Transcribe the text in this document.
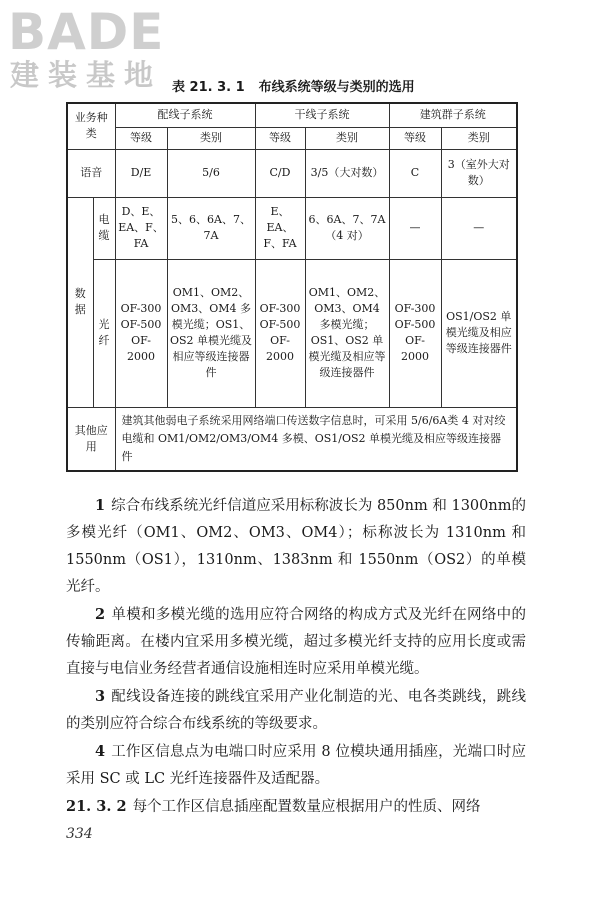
BADE
建装基地 表 21. 3. 1 布线系统等级与类别的选用
业务种类		配线子系统		干线子系统		建筑群子系统	
		等级	类别	等级	类别	等级	类别
语音		D/E	5/6	C/D	3/5（大对数）	C	3（室外大对数）
数据	电缆	D、E、EA、F、FA	5、6、6A、7、7A	E、EA、F、FA	6、6A、7、7A（4 对）	—	—
	光纤	OF-300 OF-500 OF-2000	OM1、OM2、OM3、OM4 多模光缆；OS1、OS2 单模光缆及相应等级连接器件	OF-300 OF-500 OF-2000	OM1、OM2、OM3、OM4 多模光缆；OS1、OS2 单模光缆及相应等级连接器件	OF-300 OF-500 OF-2000	OS1/OS2 单模光缆及相应等级连接器件
其他应用		建筑其他弱电子系统采用网络端口传送数字信息时，可采用 5/6/6A类 4 对对绞电缆和 OM1/OM2/OM3/OM4 多模、OS1/OS2 单模光缆及相应等级连接器件					

1 综合布线系统光纤信道应采用标称波长为 850nm 和 1300nm的多模光纤（OM1、OM2、OM3、OM4）；标称波长为 1310nm 和 1550nm（OS1），1310nm、1383nm 和 1550nm（OS2）的单模光纤。

2 单模和多模光缆的选用应符合网络的构成方式及光纤在网络中的传输距离。在楼内宜采用多模光缆，超过多模光纤支持的应用长度或需直接与电信业务经营者通信设施相连时应采用单模光缆。

3 配线设备连接的跳线宜采用产业化制造的光、电各类跳线，跳线的类别应符合综合布线系统的等级要求。

4 工作区信息点为电端口时应采用 8 位模块通用插座，光端口时应采用 SC 或 LC 光纤连接器件及适配器。

21. 3. 2 每个工作区信息插座配置数量应根据用户的性质、网络

334
